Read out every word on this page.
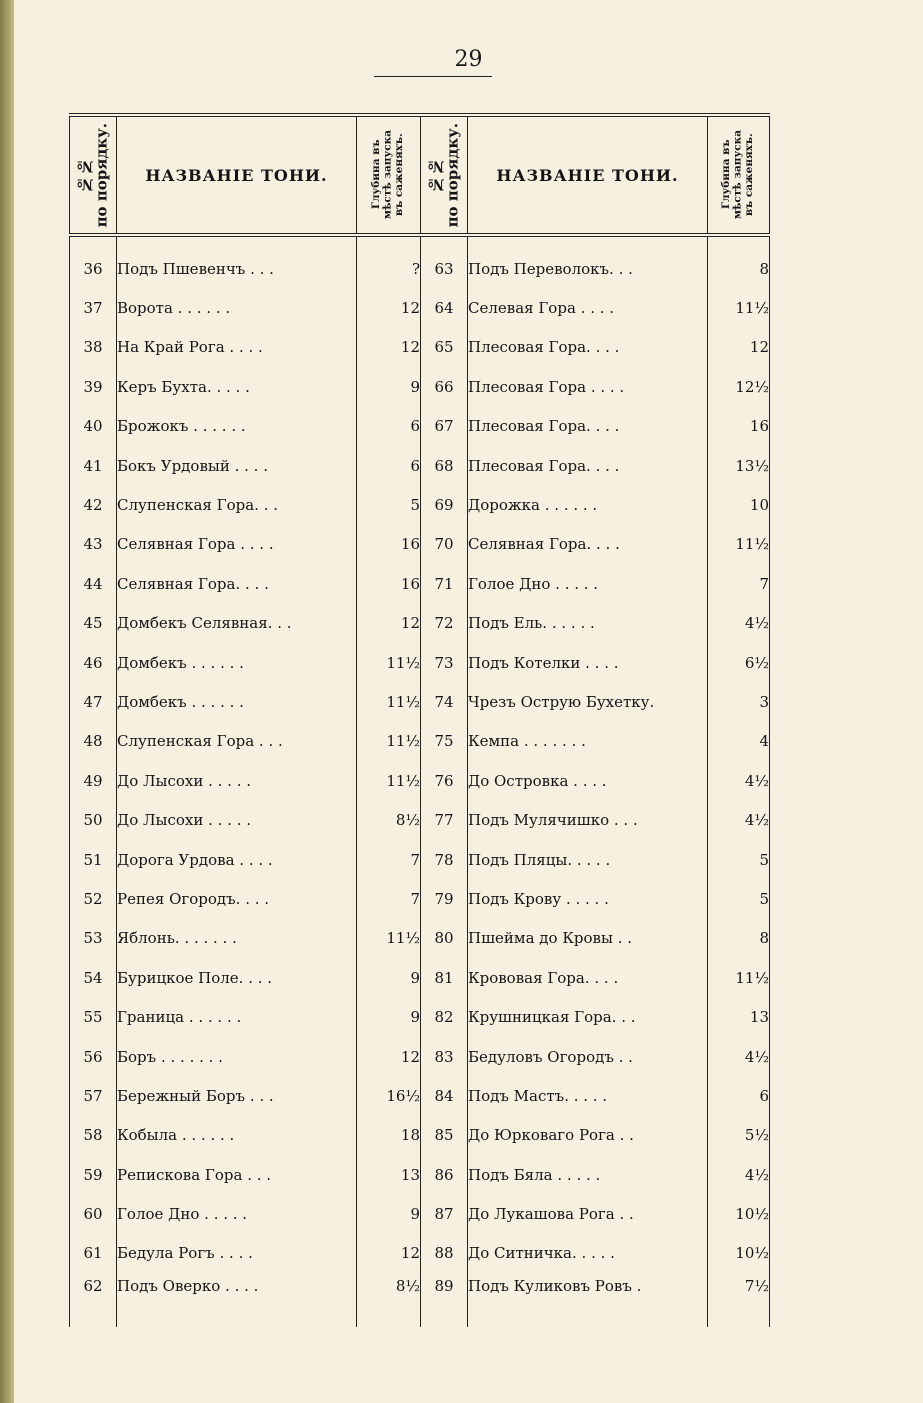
29
№№
по порядку.	НАЗВАНІЕ ТОНИ.	Глубина въ
мѣстѣ запуска
въ саженяхъ.	№№
по порядку.	НАЗВАНІЕ ТОНИ.	Глубина въ
мѣстѣ запуска
въ саженяхъ.

36	Подъ Пшевенчъ . . .	?	63	Подъ Переволокъ. . .	8
37	Ворота . . . . . .	12	64	Селевая Гора . . . .	11½
38	На Край Рога . . . .	12	65	Плесовая Гора. . . .	12
39	Керъ Бухта. . . . .	9	66	Плесовая Гора . . . .	12½
40	Брожокъ . . . . . .	6	67	Плесовая Гора. . . .	16
41	Бокъ Урдовый . . . .	6	68	Плесовая Гора. . . .	13½
42	Слупенская Гора. . .	5	69	Дорожка . . . . . .	10
43	Селявная Гора . . . .	16	70	Селявная Гора. . . .	11½
44	Селявная Гора. . . .	16	71	Голое Дно . . . . .	7
45	Домбекъ Селявная. . .	12	72	Подъ Ель. . . . . .	4½
46	Домбекъ . . . . . .	11½	73	Подъ Котелки . . . .	6½
47	Домбекъ . . . . . .	11½	74	Чрезъ Острую Бухетку.	3
48	Слупенская Гора . . .	11½	75	Кемпа . . . . . . .	4
49	До Лысохи . . . . .	11½	76	До Островка . . . .	4½
50	До Лысохи . . . . .	8½	77	Подъ Мулячишко . . .	4½
51	Дорога Урдова . . . .	7	78	Подъ Пляцы. . . . .	5
52	Репея Огородъ. . . .	7	79	Подъ Крову . . . . .	5
53	Яблонь. . . . . . .	11½	80	Пшейма до Кровы . .	8
54	Бурицкое Поле. . . .	9	81	Крововая Гора. . . .	11½
55	Граница . . . . . .	9	82	Крушницкая Гора. . .	13
56	Боръ . . . . . . .	12	83	Бедуловъ Огородъ . .	4½
57	Бережный Боръ . . .	16½	84	Подъ Мастъ. . . . .	6
58	Кобыла . . . . . .	18	85	До Юрковаго Рога . .	5½
59	Репискова Гора . . .	13	86	Подъ Бяла . . . . .	4½
60	Голое Дно . . . . .	9	87	До Лукашова Рога . .	10½
61	Бедула Рогъ . . . .	12	88	До Ситничка. . . . .	10½
62	Подъ Оверко . . . .	8½	89	Подъ Куликовъ Ровъ .	7½
